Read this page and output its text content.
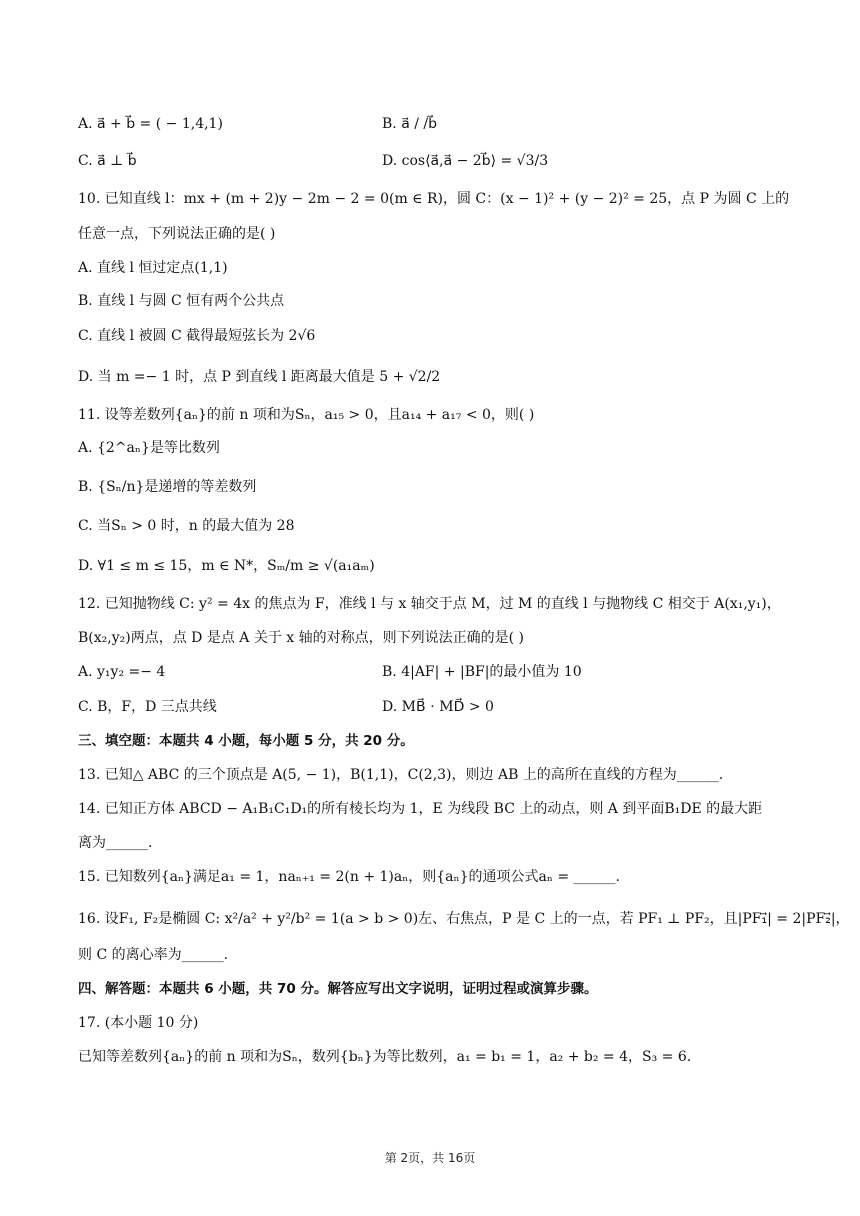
A. a⃗ + b⃗ = ( − 1,4,1)	B. a⃗ / /b⃗
C. a⃗ ⊥ b⃗	D. cos⟨a⃗,a⃗ − 2b⃗⟩ = √3/3
10. 已知直线 l：mx + (m + 2)y − 2m − 2 = 0(m ∈ R)，圆 C：(x − 1)² + (y − 2)² = 25，点 P 为圆 C 上的
任意一点，下列说法正确的是( )
A. 直线 l 恒过定点(1,1)
B. 直线 l 与圆 C 恒有两个公共点
C. 直线 l 被圆 C 截得最短弦长为 2√6
D. 当 m =− 1 时，点 P 到直线 l 距离最大值是 5 + √2/2
11. 设等差数列{aₙ}的前 n 项和为Sₙ，a₁₅ > 0，且a₁₄ + a₁₇ < 0，则( )
A. {2^aₙ}是等比数列
B. {Sₙ/n}是递增的等差数列
C. 当Sₙ > 0 时，n 的最大值为 28
D. ∀1 ≤ m ≤ 15，m ∈ N*，Sₘ/m ≥ √(a₁aₘ)
12. 已知抛物线 C: y² = 4x 的焦点为 F，准线 l 与 x 轴交于点 M，过 M 的直线 l 与抛物线 C 相交于 A(x₁,y₁)，
B(x₂,y₂)两点，点 D 是点 A 关于 x 轴的对称点，则下列说法正确的是( )
A. y₁y₂ =− 4	B. 4|AF| + |BF|的最小值为 10
C. B，F，D 三点共线	D. MB⃗ ⋅ MD⃗ > 0
三、填空题：本题共 4 小题，每小题 5 分，共 20 分。
13. 已知△ ABC 的三个顶点是 A(5, − 1)，B(1,1)，C(2,3)，则边 AB 上的高所在直线的方程为______.
14. 已知正方体 ABCD − A₁B₁C₁D₁的所有棱长均为 1，E 为线段 BC 上的动点，则 A 到平面B₁DE 的最大距
离为______.
15. 已知数列{aₙ}满足a₁ = 1，naₙ₊₁ = 2(n + 1)aₙ，则{aₙ}的通项公式aₙ = ______.
16. 设F₁, F₂是椭圆 C: x²/a² + y²/b² = 1(a > b > 0)左、右焦点，P 是 C 上的一点，若 PF₁ ⊥ PF₂，且|PF₁⃗| = 2|PF₂⃗|，
则 C 的离心率为______.
四、解答题：本题共 6 小题，共 70 分。解答应写出文字说明，证明过程或演算步骤。
17. (本小题 10 分)
已知等差数列{aₙ}的前 n 项和为Sₙ，数列{bₙ}为等比数列，a₁ = b₁ = 1，a₂ + b₂ = 4，S₃ = 6.
第 2页，共 16页
